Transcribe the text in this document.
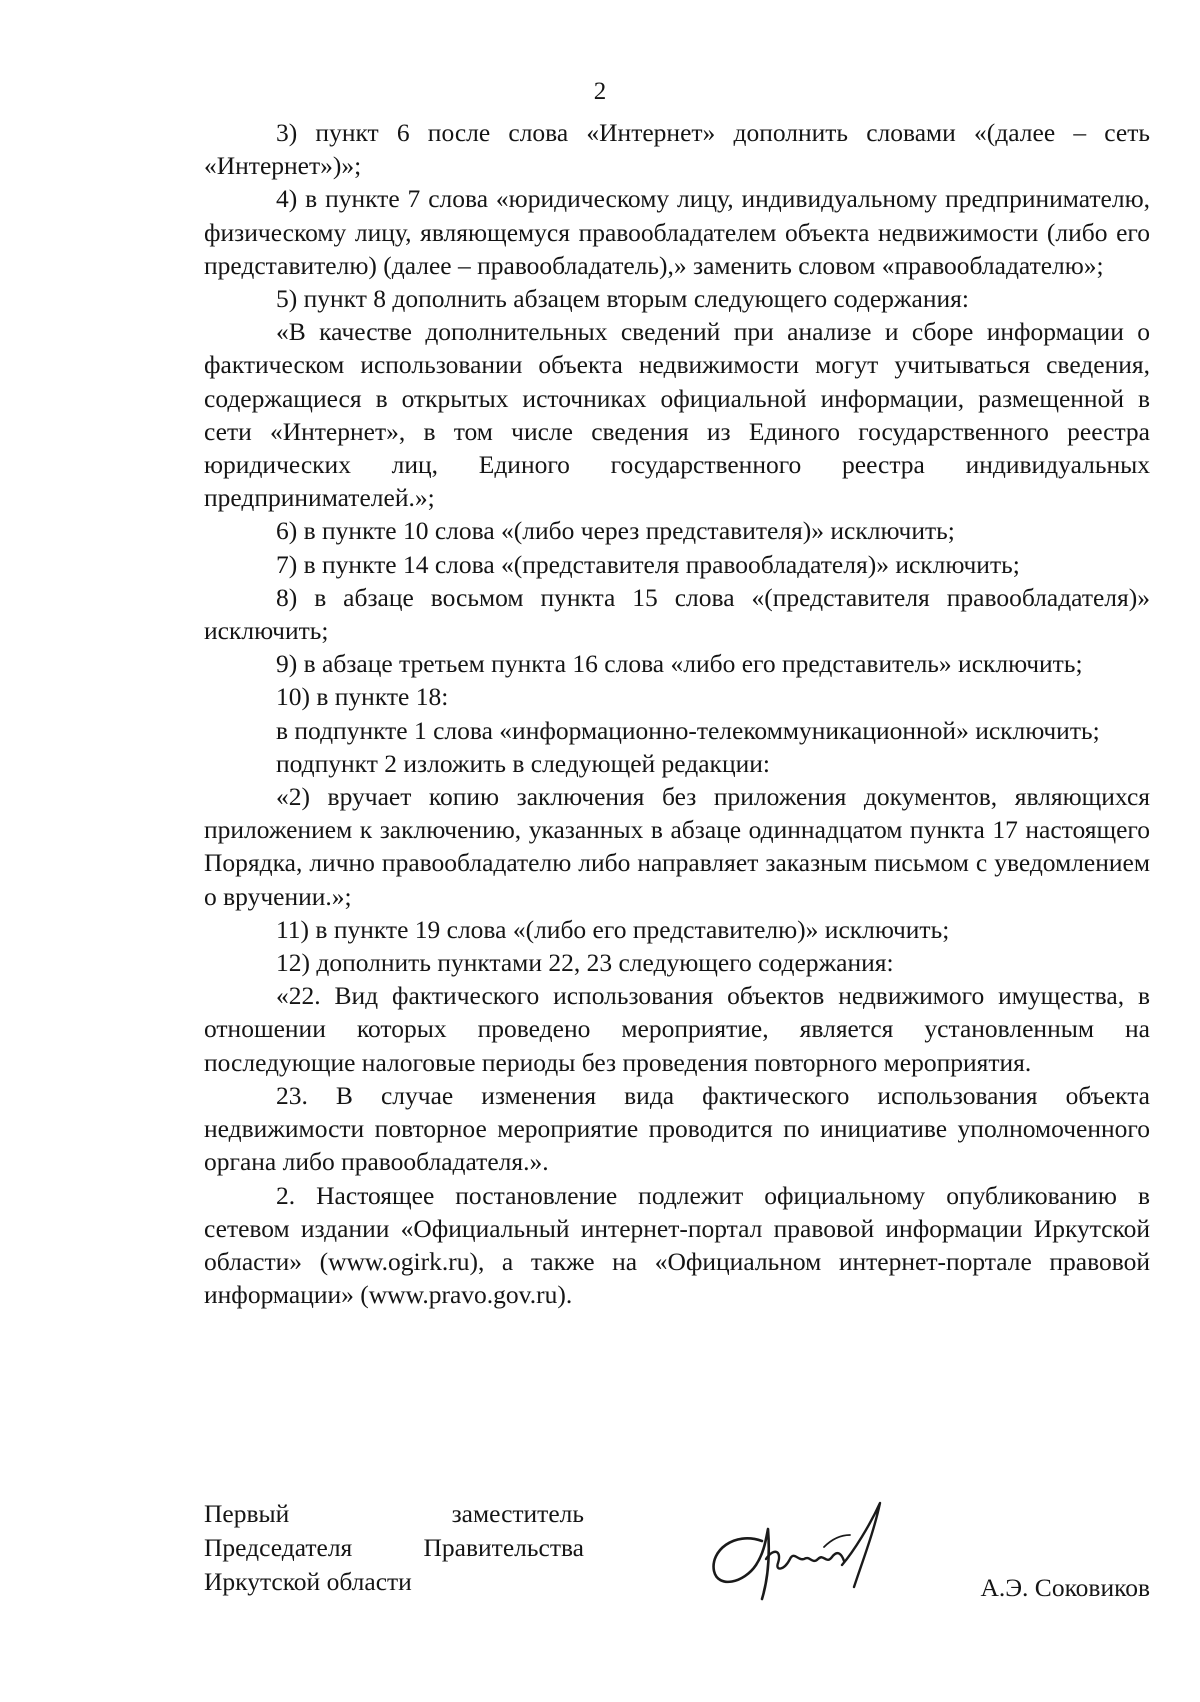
2

3) пункт 6 после слова «Интернет» дополнить словами «(далее – сеть «Интернет»)»;

4) в пункте 7 слова «юридическому лицу, индивидуальному предпринимателю, физическому лицу, являющемуся правообладателем объекта недвижимости (либо его представителю) (далее – правообладатель),» заменить словом «правообладателю»;

5) пункт 8 дополнить абзацем вторым следующего содержания:

«В качестве дополнительных сведений при анализе и сборе информации о фактическом использовании объекта недвижимости могут учитываться сведения, содержащиеся в открытых источниках официальной информации, размещенной в сети «Интернет», в том числе сведения из Единого государственного реестра юридических лиц, Единого государственного реестра индивидуальных предпринимателей.»;

6) в пункте 10 слова «(либо через представителя)» исключить;

7) в пункте 14 слова «(представителя правообладателя)» исключить;

8) в абзаце восьмом пункта 15 слова «(представителя правообладателя)» исключить;

9) в абзаце третьем пункта 16 слова «либо его представитель» исключить;

10) в пункте 18:

в подпункте 1 слова «информационно-телекоммуникационной» исключить;

подпункт 2 изложить в следующей редакции:

«2) вручает копию заключения без приложения документов, являющихся приложением к заключению, указанных в абзаце одиннадцатом пункта 17 настоящего Порядка, лично правообладателю либо направляет заказным письмом с уведомлением о вручении.»;

11) в пункте 19 слова «(либо его представителю)» исключить;

12) дополнить пунктами 22, 23 следующего содержания:

«22. Вид фактического использования объектов недвижимого имущества, в отношении которых проведено мероприятие, является установленным на последующие налоговые периоды без проведения повторного мероприятия.

23. В случае изменения вида фактического использования объекта недвижимости повторное мероприятие проводится по инициативе уполномоченного органа либо правообладателя.».

2. Настоящее постановление подлежит официальному опубликованию в сетевом издании «Официальный интернет-портал правовой информации Иркутской области» (www.ogirk.ru), а также на «Официальном интернет-портале правовой информации» (www.pravo.gov.ru).

Первый заместитель
Председателя Правительства
Иркутской области	А.Э. Соковиков
